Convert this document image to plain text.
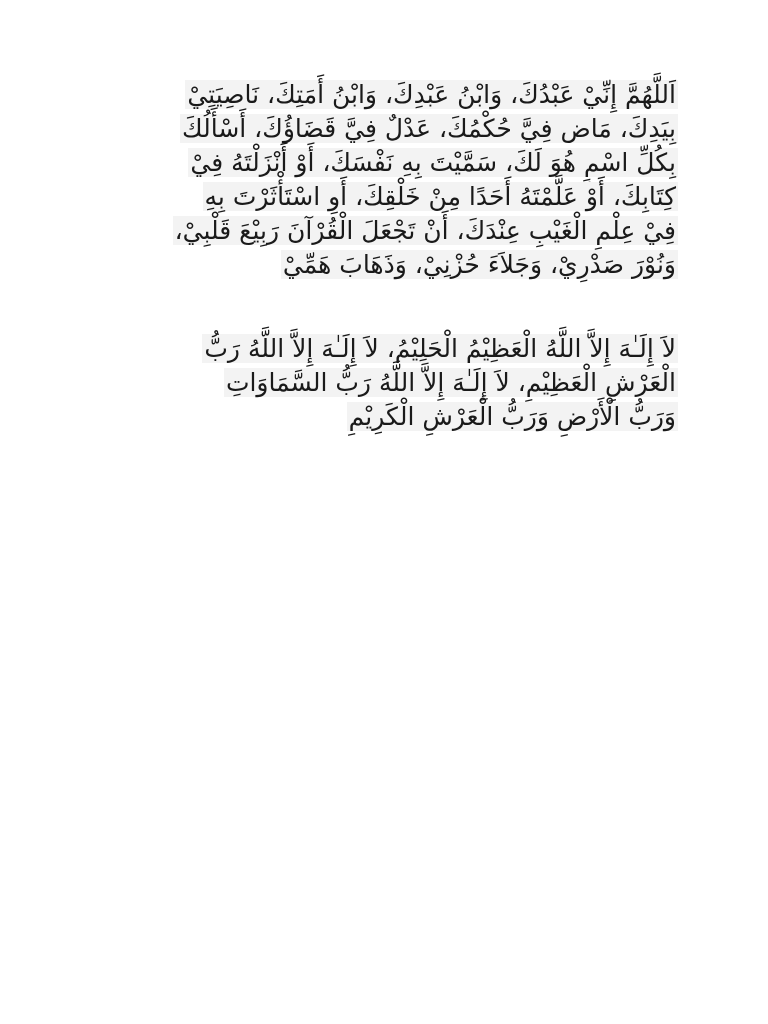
اَللَّهُمَّ إِنِّيْ عَبْدُكَ، وَابْنُ عَبْدِكَ، وَابْنُ أَمَتِكَ، نَاصِيَتِيْ
بِيَدِكَ، مَاض فِيَّ حُكْمُكَ، عَدْلٌ فِيَّ قَضَاؤُكَ، أَسْأَلُكَ
بِكُلِّ اسْمٍ هُوَ لَكَ، سَمَّيْتَ بِهِ نَفْسَكَ، أَوْ أَنْزَلْتَهُ فِيْ
كِتَابِكَ، أَوْ عَلَّمْتَهُ أَحَدًا مِنْ خَلْقِكَ، أَوِ اسْتَأْثَرْتَ بِهِ
فِيْ عِلْمِ الْغَيْبِ عِنْدَكَ، أَنْ تَجْعَلَ الْقُرْآنَ رَبِيْعَ قَلْبِيْ،
وَنُوْرَ صَدْرِيْ، وَجَلاَءَ حُزْنِيْ، وَذَهَابَ هَمِّيْ

لاَ إِلَـٰهَ إِلاَّ اللَّهُ الْعَظِيْمُ الْحَلِيْمُ، لاَ إِلَـٰهَ إِلاَّ اللَّهُ رَبُّ
الْعَرْشِ الْعَظِيْمِ، لاَ إِلَـٰهَ إِلاَّ اللَّهُ رَبُّ السَّمَاوَاتِ
وَرَبُّ الْأَرْضِ وَرَبُّ الْعَرْشِ الْكَرِيْمِ
